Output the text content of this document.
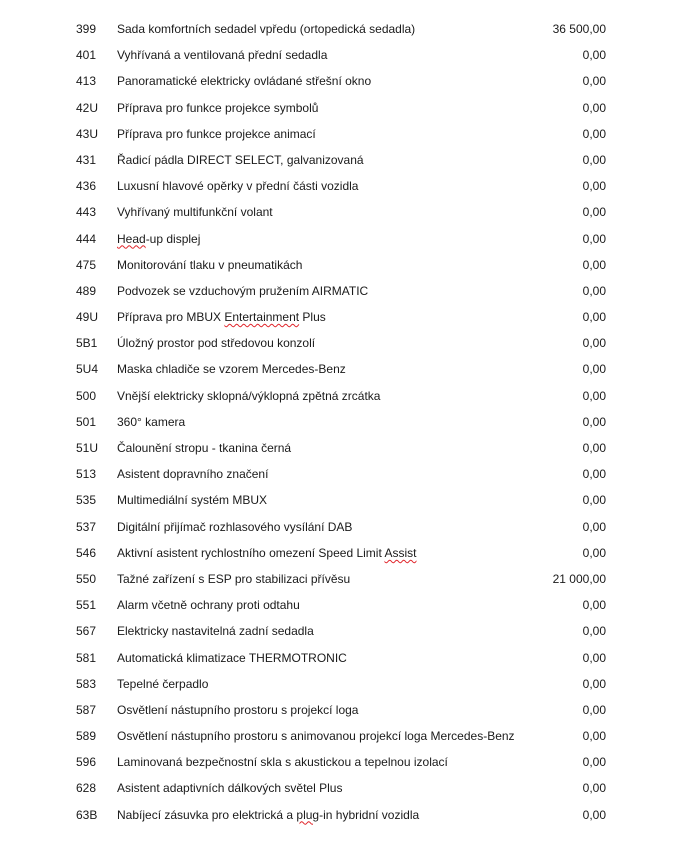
399	Sada komfortních sedadel vpředu (ortopedická sedadla)	36 500,00
401	Vyhřívaná a ventilovaná přední sedadla	0,00
413	Panoramatické elektricky ovládané střešní okno	0,00
42U	Příprava pro funkce projekce symbolů	0,00
43U	Příprava pro funkce projekce animací	0,00
431	Řadicí pádla DIRECT SELECT, galvanizovaná	0,00
436	Luxusní hlavové opěrky v přední části vozidla	0,00
443	Vyhřívaný multifunkční volant	0,00
444	Head-up displej	0,00
475	Monitorování tlaku v pneumatikách	0,00
489	Podvozek se vzduchovým pružením AIRMATIC	0,00
49U	Příprava pro MBUX Entertainment Plus	0,00
5B1	Úložný prostor pod středovou konzolí	0,00
5U4	Maska chladiče se vzorem Mercedes-Benz	0,00
500	Vnější elektricky sklopná/výklopná zpětná zrcátka	0,00
501	360° kamera	0,00
51U	Čalounění stropu - tkanina černá	0,00
513	Asistent dopravního značení	0,00
535	Multimediální systém MBUX	0,00
537	Digitální přijímač rozhlasového vysílání DAB	0,00
546	Aktivní asistent rychlostního omezení Speed Limit Assist	0,00
550	Tažné zařízení s ESP pro stabilizaci přívěsu	21 000,00
551	Alarm včetně ochrany proti odtahu	0,00
567	Elektricky nastavitelná zadní sedadla	0,00
581	Automatická klimatizace THERMOTRONIC	0,00
583	Tepelné čerpadlo	0,00
587	Osvětlení nástupního prostoru s projekcí loga	0,00
589	Osvětlení nástupního prostoru s animovanou projekcí loga Mercedes-Benz	0,00
596	Laminovaná bezpečnostní skla s akustickou a tepelnou izolací	0,00
628	Asistent adaptivních dálkových světel Plus	0,00
63B	Nabíjecí zásuvka pro elektrická a plug-in hybridní vozidla	0,00
